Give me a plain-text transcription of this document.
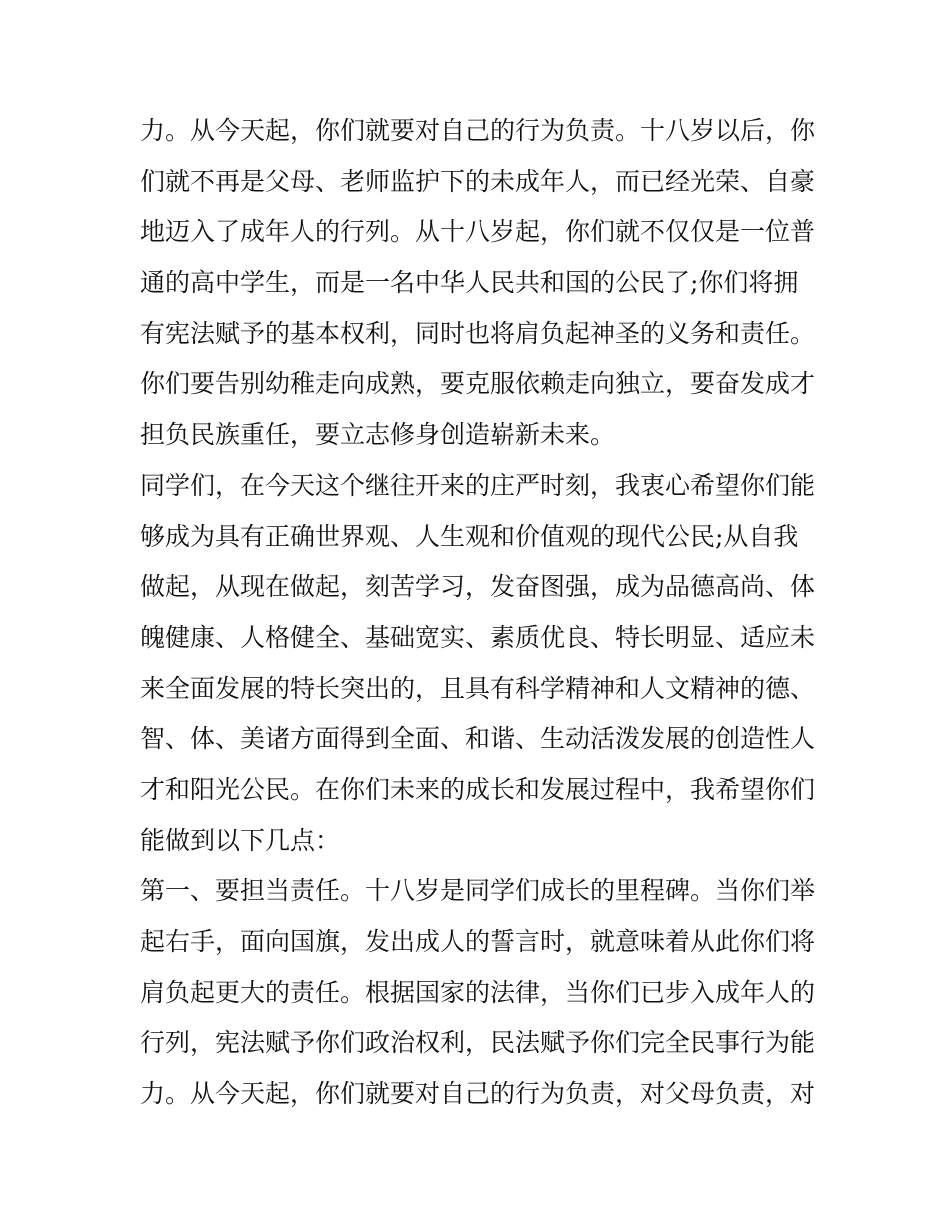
力。从今天起，你们就要对自己的行为负责。十八岁以后，你
们就不再是父母、老师监护下的未成年人，而已经光荣、自豪
地迈入了成年人的行列。从十八岁起，你们就不仅仅是一位普
通的高中学生，而是一名中华人民共和国的公民了;你们将拥
有宪法赋予的基本权利，同时也将肩负起神圣的义务和责任。
你们要告别幼稚走向成熟，要克服依赖走向独立，要奋发成才
担负民族重任，要立志修身创造崭新未来。
同学们，在今天这个继往开来的庄严时刻，我衷心希望你们能
够成为具有正确世界观、人生观和价值观的现代公民;从自我
做起，从现在做起，刻苦学习，发奋图强，成为品德高尚、体
魄健康、人格健全、基础宽实、素质优良、特长明显、适应未
来全面发展的特长突出的，且具有科学精神和人文精神的德、
智、体、美诸方面得到全面、和谐、生动活泼发展的创造性人
才和阳光公民。在你们未来的成长和发展过程中，我希望你们
能做到以下几点：
第一、要担当责任。十八岁是同学们成长的里程碑。当你们举
起右手，面向国旗，发出成人的誓言时，就意味着从此你们将
肩负起更大的责任。根据国家的法律，当你们已步入成年人的
行列，宪法赋予你们政治权利，民法赋予你们完全民事行为能
力。从今天起，你们就要对自己的行为负责，对父母负责，对
